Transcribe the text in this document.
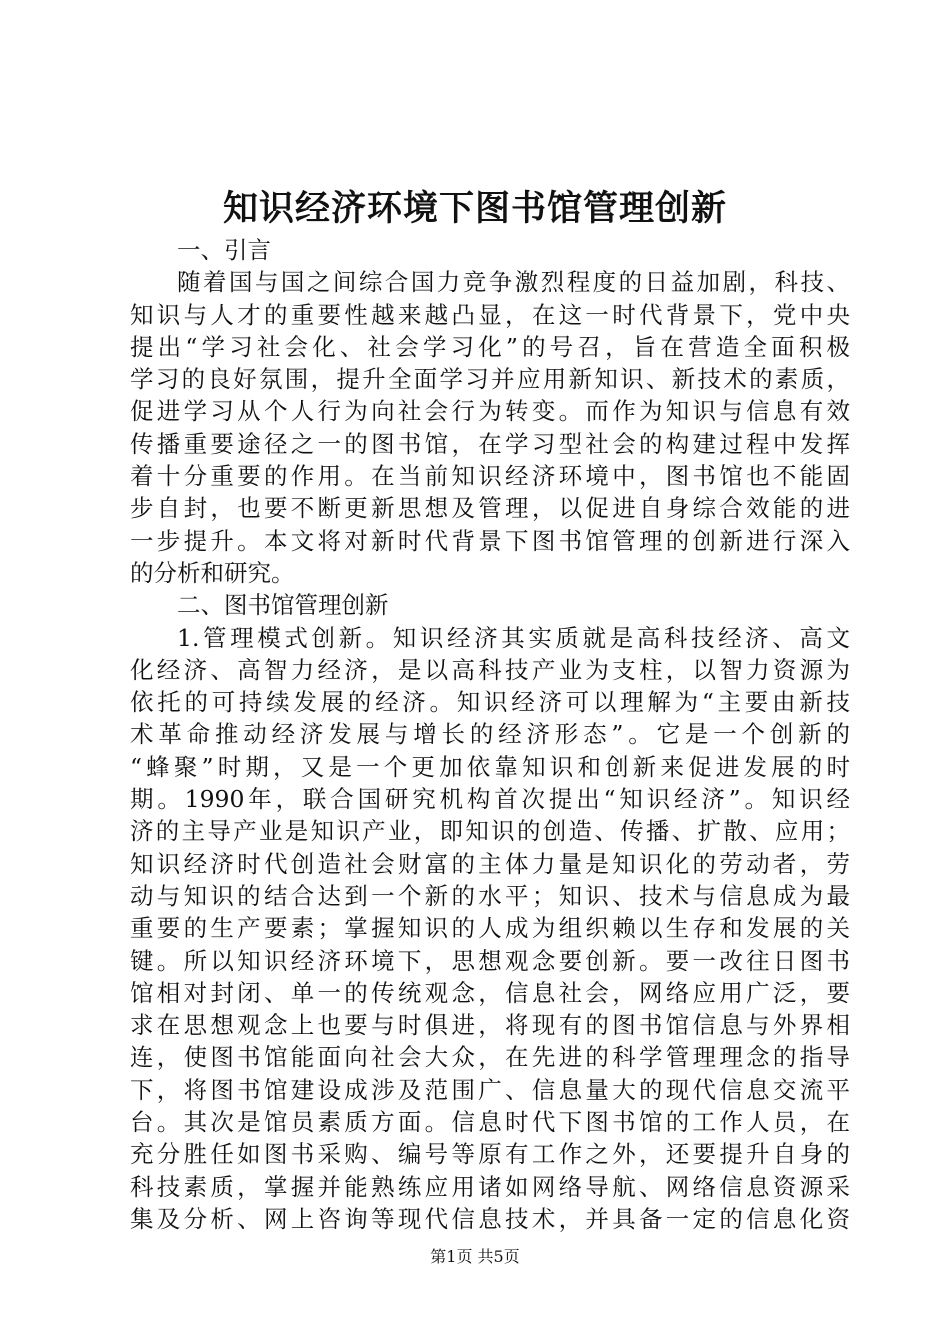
知识经济环境下图书馆管理创新
一、引言
随着国与国之间综合国力竞争激烈程度的日益加剧，科技、
知识与人才的重要性越来越凸显，在这一时代背景下，党中央
提出“学习社会化、社会学习化”的号召，旨在营造全面积极
学习的良好氛围，提升全面学习并应用新知识、新技术的素质，
促进学习从个人行为向社会行为转变。而作为知识与信息有效
传播重要途径之一的图书馆，在学习型社会的构建过程中发挥
着十分重要的作用。在当前知识经济环境中，图书馆也不能固
步自封，也要不断更新思想及管理，以促进自身综合效能的进
一步提升。本文将对新时代背景下图书馆管理的创新进行深入
的分析和研究。
二、图书馆管理创新
1.管理模式创新。知识经济其实质就是高科技经济、高文
化经济、高智力经济，是以高科技产业为支柱，以智力资源为
依托的可持续发展的经济。知识经济可以理解为“主要由新技
术革命推动经济发展与增长的经济形态”。它是一个创新的
“蜂聚”时期，又是一个更加依靠知识和创新来促进发展的时
期。1990年，联合国研究机构首次提出“知识经济”。知识经
济的主导产业是知识产业，即知识的创造、传播、扩散、应用；
知识经济时代创造社会财富的主体力量是知识化的劳动者，劳
动与知识的结合达到一个新的水平；知识、技术与信息成为最
重要的生产要素；掌握知识的人成为组织赖以生存和发展的关
键。所以知识经济环境下，思想观念要创新。要一改往日图书
馆相对封闭、单一的传统观念，信息社会，网络应用广泛，要
求在思想观念上也要与时俱进，将现有的图书馆信息与外界相
连，使图书馆能面向社会大众，在先进的科学管理理念的指导
下，将图书馆建设成涉及范围广、信息量大的现代信息交流平
台。其次是馆员素质方面。信息时代下图书馆的工作人员，在
充分胜任如图书采购、编号等原有工作之外，还要提升自身的
科技素质，掌握并能熟练应用诸如网络导航、网络信息资源采
集及分析、网上咨询等现代信息技术，并具备一定的信息化资
第1页 共5页
